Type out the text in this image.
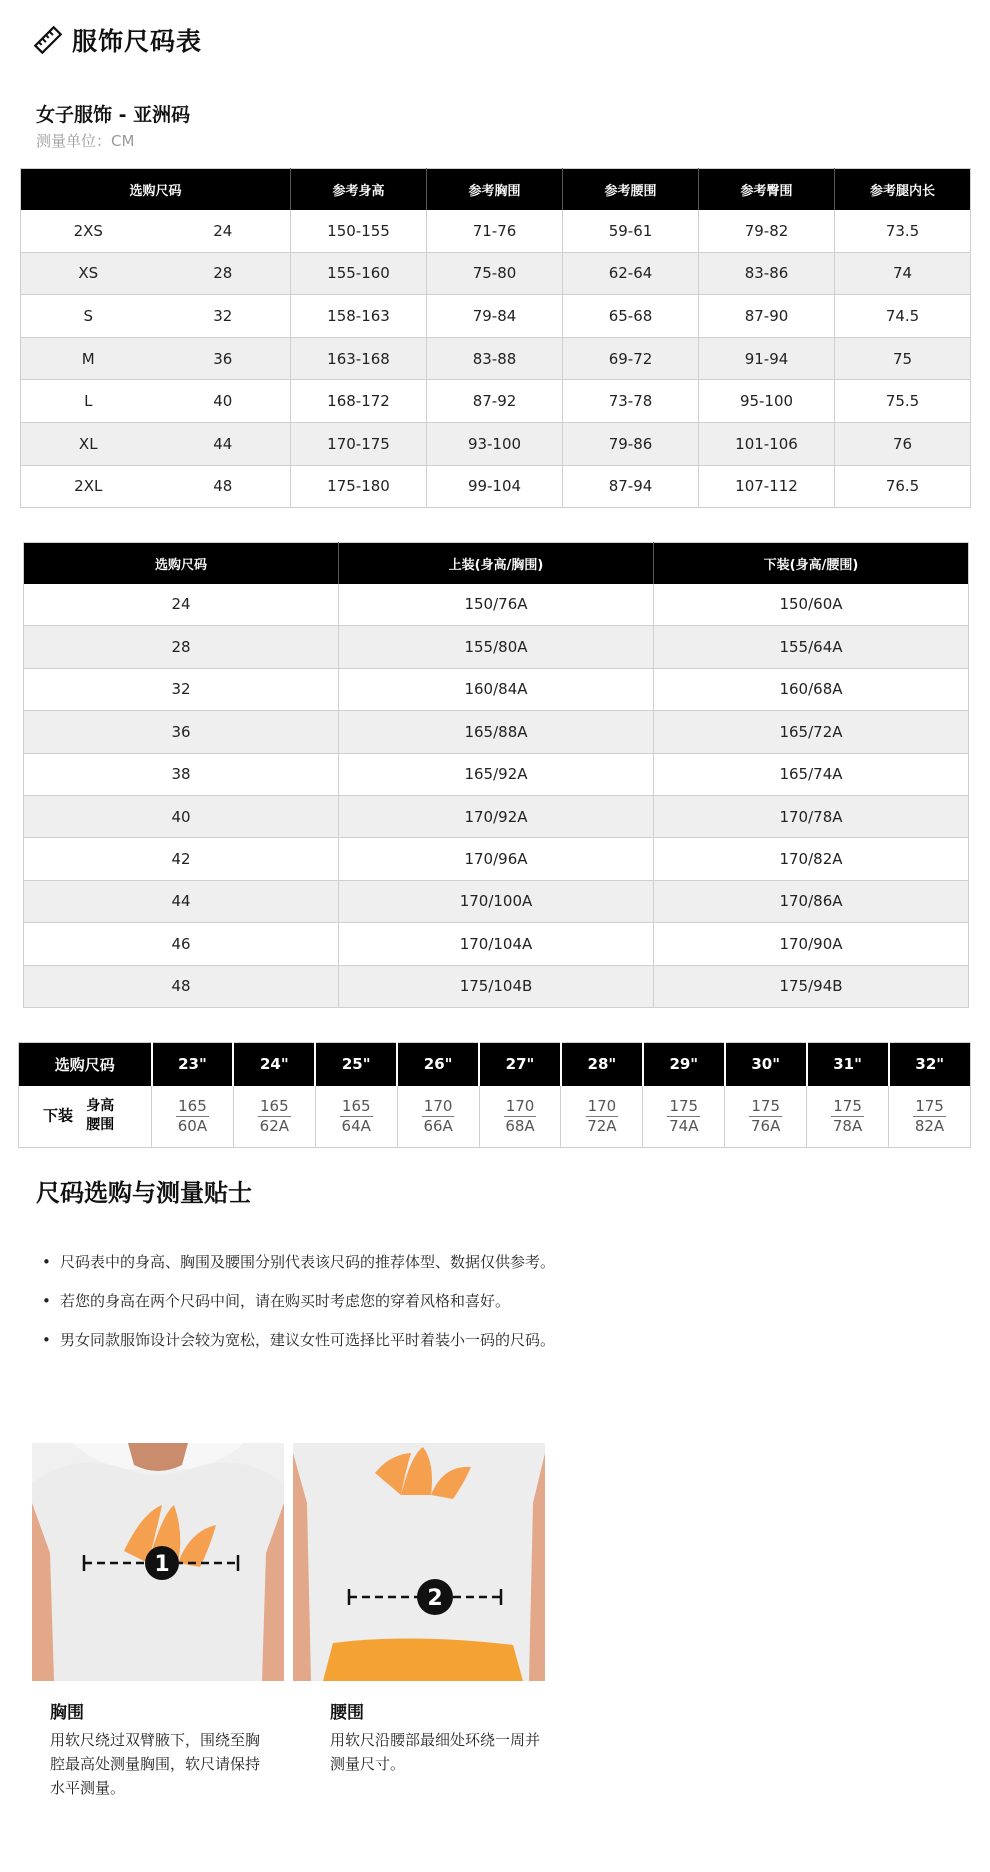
服饰尺码表
女子服饰 - 亚洲码
测量单位：CM
选购尺码		参考身高	参考胸围	参考腰围	参考臀围	参考腿内长
2XS	24	150-155	71-76	59-61	79-82	73.5
XS	28	155-160	75-80	62-64	83-86	74
S	32	158-163	79-84	65-68	87-90	74.5
M	36	163-168	83-88	69-72	91-94	75
L	40	168-172	87-92	73-78	95-100	75.5
XL	44	170-175	93-100	79-86	101-106	76
2XL	48	175-180	99-104	87-94	107-112	76.5
选购尺码	上装(身高/胸围)	下装(身高/腰围)
24	150/76A	150/60A
28	155/80A	155/64A
32	160/84A	160/68A
36	165/88A	165/72A
38	165/92A	165/74A
40	170/92A	170/78A
42	170/96A	170/82A
44	170/100A	170/86A
46	170/104A	170/90A
48	175/104B	175/94B
选购尺码	23"	24"	25"	26"	27"	28"	29"	30"	31"	32"
下装 身高
腰围	$\frac{165}{60A}$	$\frac{165}{62A}$	$\frac{165}{64A}$	$\frac{170}{66A}$	$\frac{170}{68A}$	$\frac{170}{72A}$	$\frac{175}{74A}$	$\frac{175}{76A}$	$\frac{175}{78A}$	$\frac{175}{82A}$
尺码选购与测量贴士
• 尺码表中的身高、胸围及腰围分别代表该尺码的推荐体型、数据仅供参考。
• 若您的身高在两个尺码中间，请在购买时考虑您的穿着风格和喜好。
• 男女同款服饰设计会较为宽松，建议女性可选择比平时着装小一码的尺码。
1
2
胸围
用软尺绕过双臂腋下，围绕至胸腔最高处测量胸围，软尺请保持水平测量。
腰围
用软尺沿腰部最细处环绕一周并测量尺寸。
